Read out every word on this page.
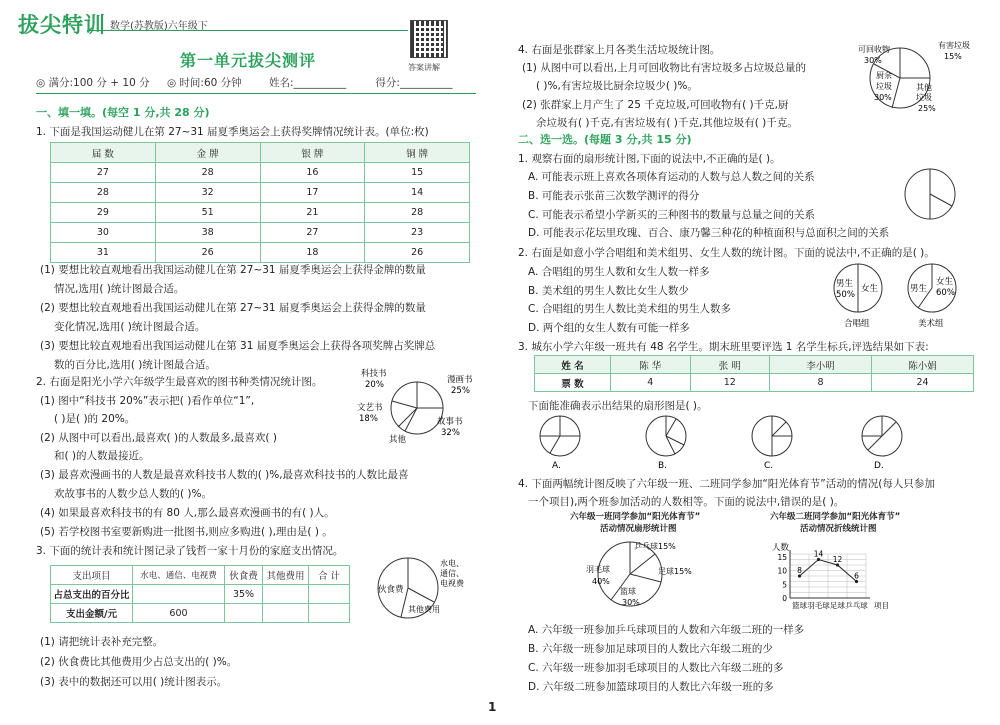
拔尖特训 数学(苏教版)六年级下
答案讲解
第一单元拔尖测评
◎ 满分:100 分 + 10 分 ◎ 时间:60 分钟	姓名:__________	得分:__________
一、填一填。(每空 1 分,共 28 分)
1. 下面是我国运动健儿在第 27~31 届夏季奥运会上获得奖牌情况统计表。(单位:枚)
届 数	金 牌	银 牌	铜 牌
27	28	16	15
28	32	17	14
29	51	21	28
30	38	27	23
31	26	18	26
(1) 要想比较直观地看出我国运动健儿在第 27~31 届夏季奥运会上获得金牌的数量
情况,选用( )统计图最合适。
(2) 要想比较直观地看出我国运动健儿在第 27~31 届夏季奥运会上获得金牌的数量
变化情况,选用( )统计图最合适。
(3) 要想比较直观地看出我国运动健儿在第 31 届夏季奥运会上获得各项奖牌占奖牌总
数的百分比,选用( )统计图最合适。
2. 右面是阳光小学六年级学生最喜欢的图书种类情况统计图。
(1) 图中“科技书 20%”表示把( )看作单位“1”,
( )是( )的 20%。
(2) 从图中可以看出,最喜欢( )的人数最多,最喜欢( )
和( )的人数最接近。
(3) 最喜欢漫画书的人数是最喜欢科技书人数的( )%,最喜欢科技书的人数比最喜
欢故事书的人数少总人数的( )%。
(4) 如果最喜欢科技书的有 80 人,那么最喜欢漫画书的有( )人。
(5) 若学校图书室要新购进一批图书,则应多购进( ),理由是( ) 。
科技书
20%	漫画书
25%
文艺书
18%	故事书
32%
其他
3. 下面的统计表和统计图记录了钱哲一家十月份的家庭支出情况。
支出项目	水电、通信、电视费	伙食费	其他费用	合 计
占总支出的百分比		35%		
支出金额/元	600			
伙食费
水电、
通信、
电视费
其他费用
(1) 请把统计表补充完整。
(2) 伙食费比其他费用少占总支出的( )%。
(3) 表中的数据还可以用( )统计图表示。
1
4. 右面是张群家上月各类生活垃圾统计图。
(1) 从图中可以看出,上月可回收物比有害垃圾多占垃圾总量的
( )%,有害垃圾比厨余垃圾少( )%。
(2) 张群家上月产生了 25 千克垃圾,可回收物有( )千克,厨
余垃圾有( )千克,有害垃圾有( )千克,其他垃圾有( )千克。
可回收物
30%
有害垃圾
15%
厨 余
垃 圾
30%
其他
垃圾
25%
二、选一选。(每题 3 分,共 15 分)
1. 观察右面的扇形统计图,下面的说法中,不正确的是( )。
A. 可能表示班上喜欢各项体育运动的人数与总人数之间的关系
B. 可能表示张苗三次数学测评的得分
C. 可能表示希望小学新买的三种图书的数量与总量之间的关系
D. 可能表示花坛里玫瑰、百合、康乃馨三种花的种植面积与总面积之间的关系
2. 右面是如意小学合唱组和美术组男、女生人数的统计图。下面的说法中,不正确的是( )。
A. 合唱组的男生人数和女生人数一样多
B. 美术组的男生人数比女生人数少
C. 合唱组的男生人数比美术组的男生人数多
D. 两个组的女生人数有可能一样多
男生
50%
女生
合唱组
男生
女生
60%
美术组
3. 城东小学六年级一班共有 48 名学生。期末班里要评选 1 名学生标兵,评选结果如下表:
姓 名	陈 华	张 明	李小明	陈小娟
票 数	4	12	8	24
下面能准确表示出结果的扇形图是( )。
A.	B.	C.	D.
4. 下面两幅统计图反映了六年级一班、二班同学参加“阳光体育节”活动的情况(每人只参加
一个项目),两个班参加活动的人数相等。下面的说法中,错误的是( )。
六年级一班同学参加“阳光体育节”
活动情况扇形统计图
六年级二班同学参加“阳光体育节”
活动情况折线统计图
乒乓球15%
羽毛球
40%
足球15%
篮球
30%
人数
0
5
10
15
篮球 羽毛球 足球 乒乓球 项目
8
14
12
6
A. 六年级一班参加乒乓球项目的人数和六年级二班的一样多
B. 六年级一班参加足球项目的人数比六年级二班的少
C. 六年级一班参加羽毛球项目的人数比六年级二班的多
D. 六年级二班参加篮球项目的人数比六年级一班的多
